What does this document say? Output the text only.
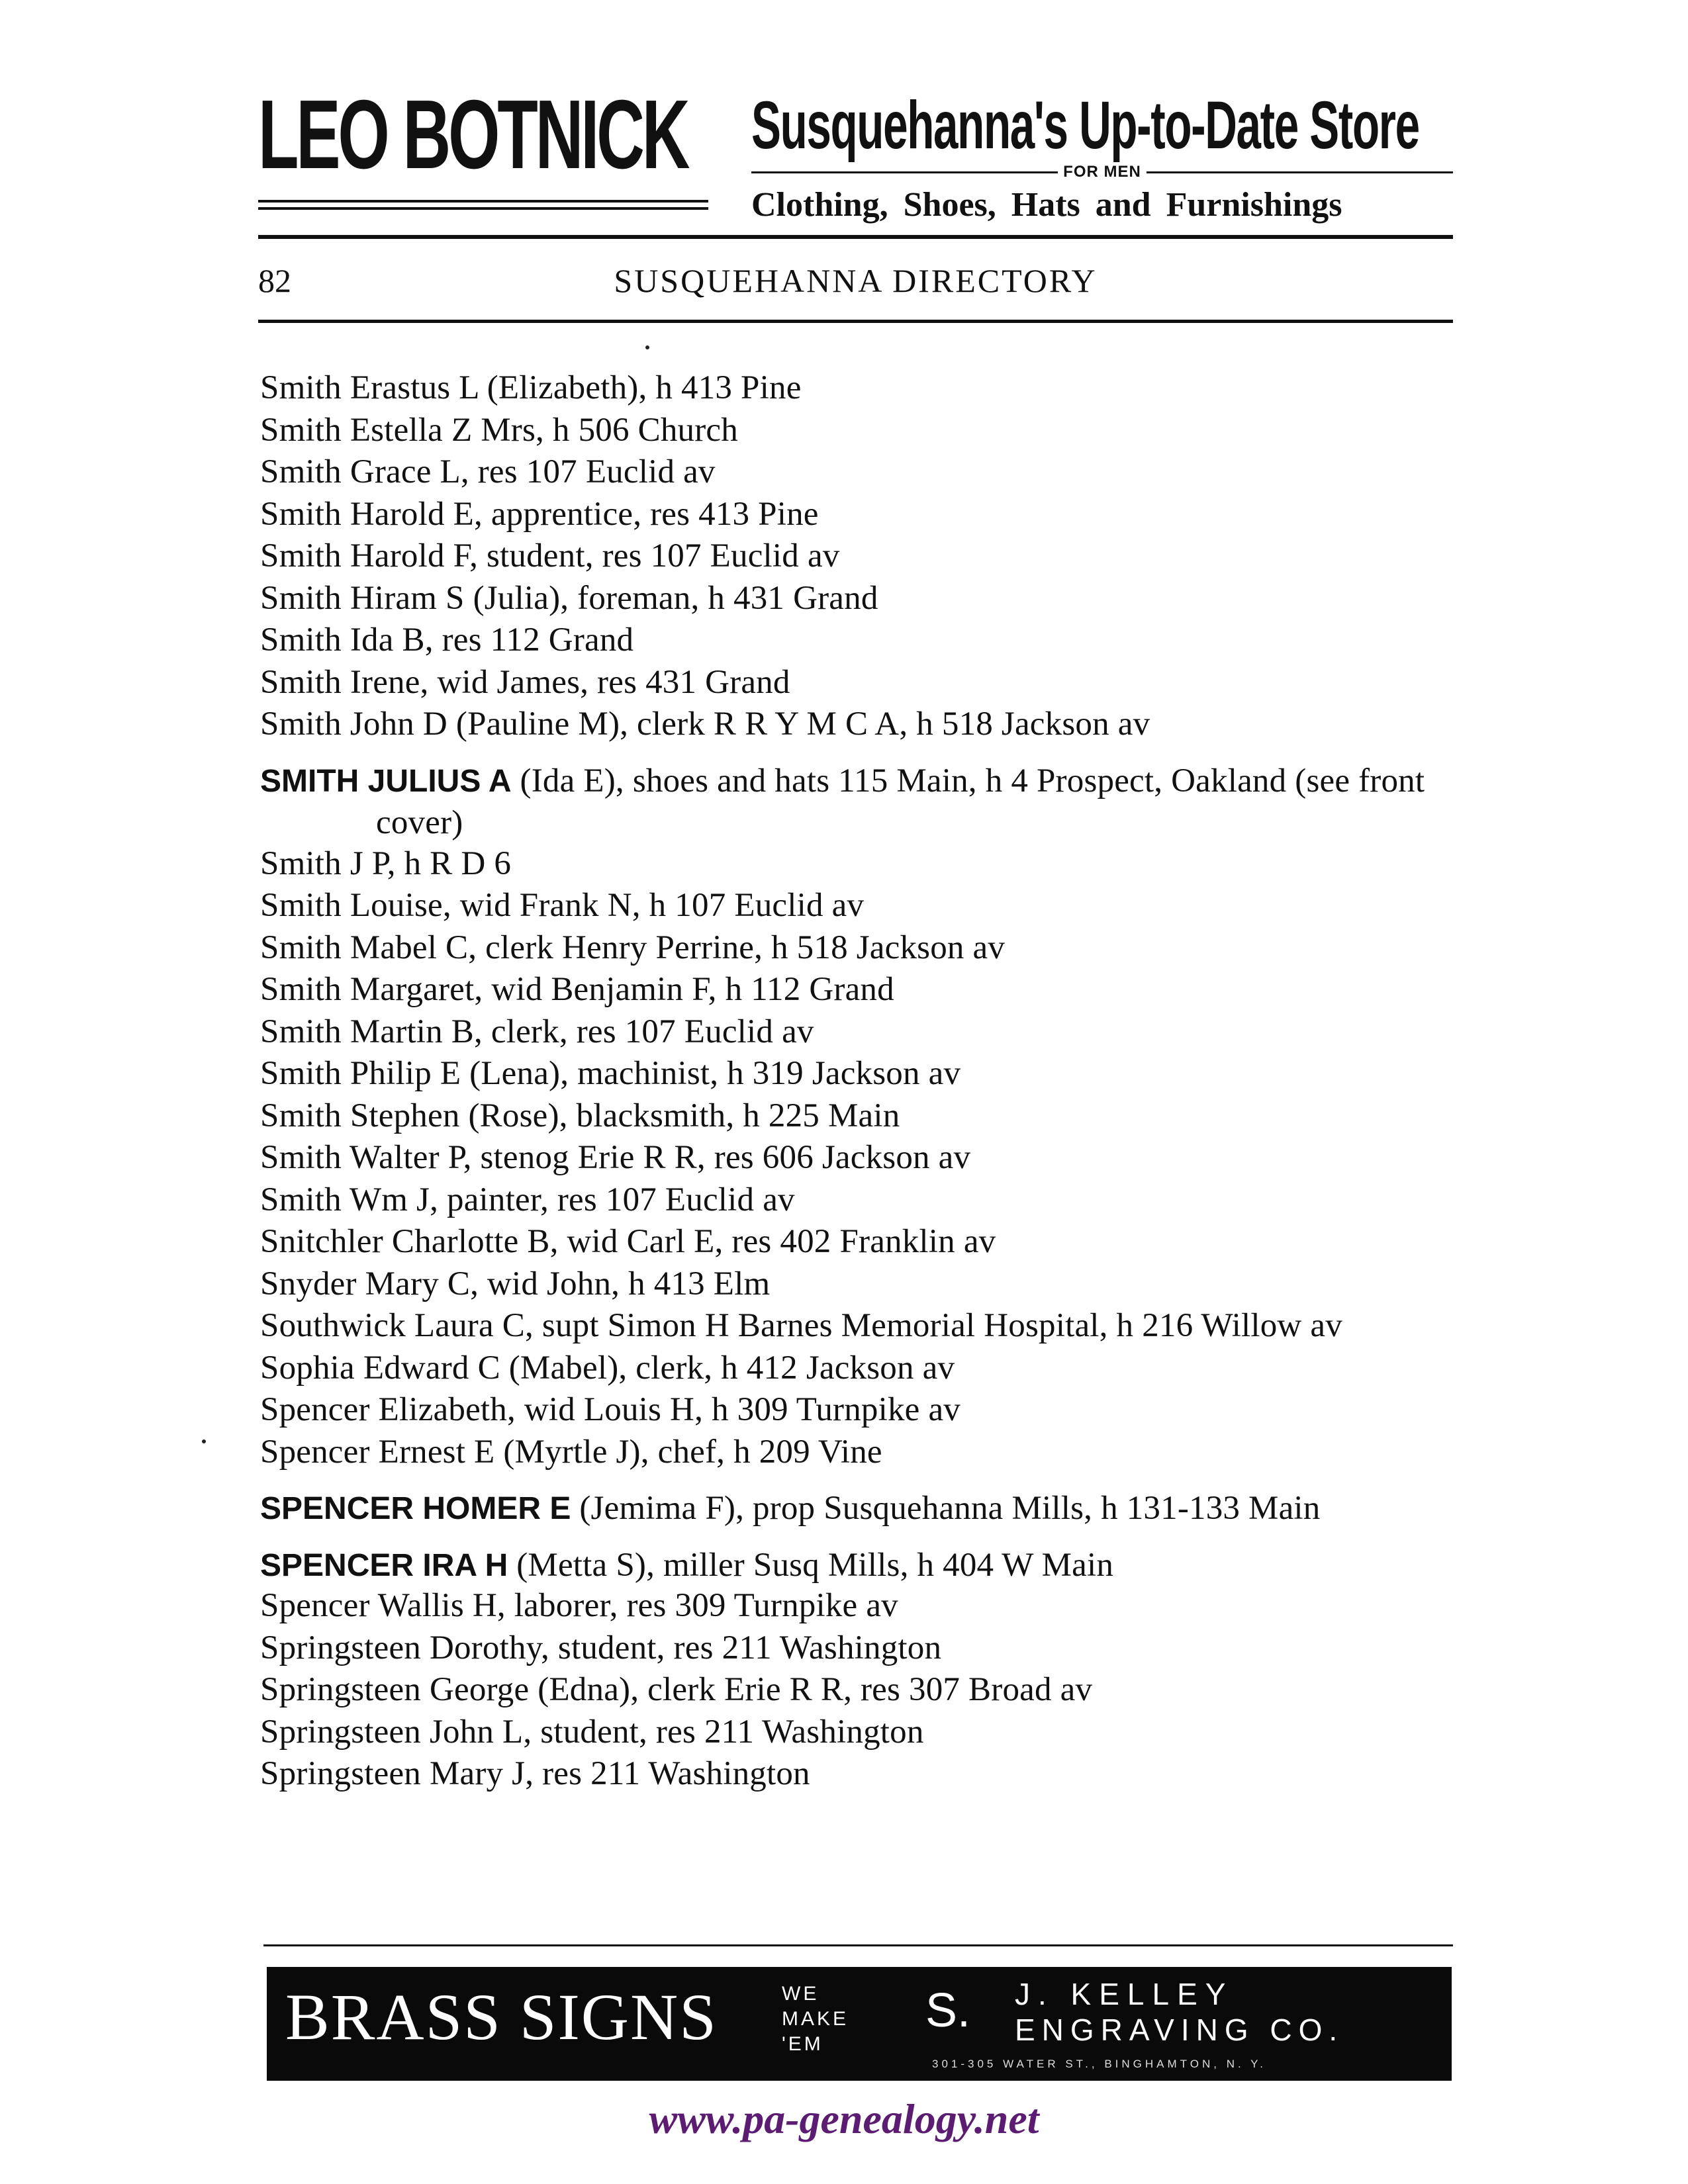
LEO BOTNICK Susquehanna's Up-to-Date Store
FOR MEN
Clothing, Shoes, Hats and Furnishings
82	SUSQUEHANNA DIRECTORY
Smith Erastus L (Elizabeth), h 413 Pine
Smith Estella Z Mrs, h 506 Church
Smith Grace L, res 107 Euclid av
Smith Harold E, apprentice, res 413 Pine
Smith Harold F, student, res 107 Euclid av
Smith Hiram S (Julia), foreman, h 431 Grand
Smith Ida B, res 112 Grand
Smith Irene, wid James, res 431 Grand
Smith John D (Pauline M), clerk R R Y M C A, h 518 Jackson av
SMITH JULIUS A (Ida E), shoes and hats 115 Main, h 4 Prospect, Oakland (see front cover)
Smith J P, h R D 6
Smith Louise, wid Frank N, h 107 Euclid av
Smith Mabel C, clerk Henry Perrine, h 518 Jackson av
Smith Margaret, wid Benjamin F, h 112 Grand
Smith Martin B, clerk, res 107 Euclid av
Smith Philip E (Lena), machinist, h 319 Jackson av
Smith Stephen (Rose), blacksmith, h 225 Main
Smith Walter P, stenog Erie R R, res 606 Jackson av
Smith Wm J, painter, res 107 Euclid av
Snitchler Charlotte B, wid Carl E, res 402 Franklin av
Snyder Mary C, wid John, h 413 Elm
Southwick Laura C, supt Simon H Barnes Memorial Hospital, h 216 Willow av
Sophia Edward C (Mabel), clerk, h 412 Jackson av
Spencer Elizabeth, wid Louis H, h 309 Turnpike av
Spencer Ernest E (Myrtle J), chef, h 209 Vine
SPENCER HOMER E (Jemima F), prop Susquehanna Mills, h 131-133 Main
SPENCER IRA H (Metta S), miller Susq Mills, h 404 W Main
Spencer Wallis H, laborer, res 309 Turnpike av
Springsteen Dorothy, student, res 211 Washington
Springsteen George (Edna), clerk Erie R R, res 307 Broad av
Springsteen John L, student, res 211 Washington
Springsteen Mary J, res 211 Washington
BRASS SIGNS	WE
MAKE
'EM
S. J. KELLEY
ENGRAVING CO.
301-305 WATER ST., BINGHAMTON, N. Y.
www.pa-genealogy.net
